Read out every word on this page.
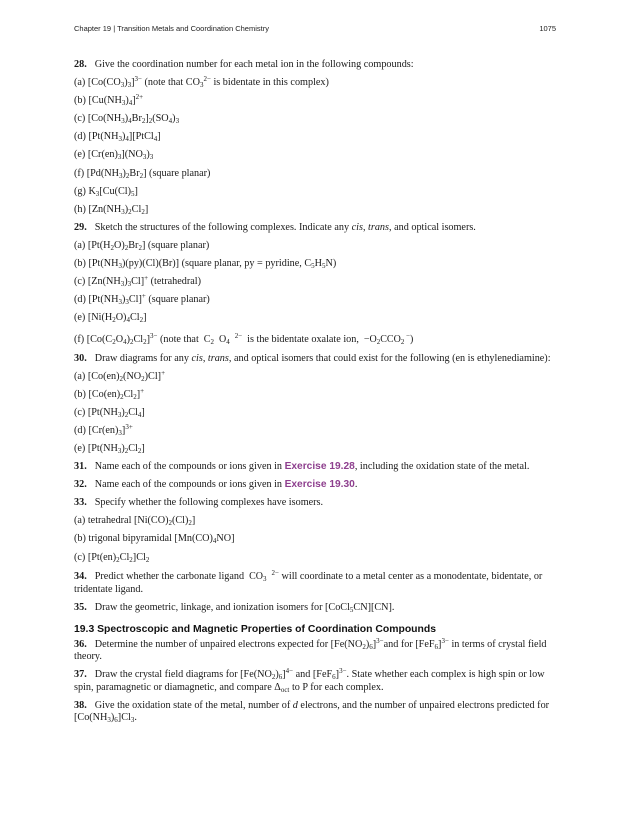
Chapter 19 | Transition Metals and Coordination Chemistry	1075
28. Give the coordination number for each metal ion in the following compounds:
(a) $[Co(CO_3)_3]^{3-}$ (note that $CO_3^{2-}$ is bidentate in this complex)
(b) $[Cu(NH_3)_4]^{2+}$
(c) $[Co(NH_3)_4Br_2]_2(SO_4)_3$
(d) $[Pt(NH_3)_4][PtCl_4]$
(e) $[Cr(en)_3](NO_3)_3$
(f) $[Pd(NH_3)_2Br_2]$ (square planar)
(g) $K_3[Cu(Cl)_5]$
(h) $[Zn(NH_3)_2Cl_2]$
29. Sketch the structures of the following complexes. Indicate any cis, trans, and optical isomers.
(a) $[Pt(H_2O)_2Br_2]$ (square planar)
(b) $[Pt(NH_3)(py)(Cl)(Br)]$ (square planar, py = pyridine, $C_5H_5N$)
(c) $[Zn(NH_3)_3Cl]^+$ (tetrahedral)
(d) $[Pt(NH_3)_3Cl]^+$ (square planar)
(e) $[Ni(H_2O)_4Cl_2]$
(f) $[Co(C_2O_4)_2Cl_2]^{3-}$ (note that $C_2$ $O_4^{2-}$ is the bidentate oxalate ion, $-O_2CCO_2$ −)
30. Draw diagrams for any cis, trans, and optical isomers that could exist for the following (en is ethylenediamine):
(a) $[Co(en)_2(NO_2)Cl]^+$
(b) $[Co(en)_2Cl_2]^+$
(c) $[Pt(NH_3)_2Cl_4]$
(d) $[Cr(en)_3]^{3+}$
(e) $[Pt(NH_3)_2Cl_2]$
31. Name each of the compounds or ions given in Exercise 19.28, including the oxidation state of the metal.
32. Name each of the compounds or ions given in Exercise 19.30.
33. Specify whether the following complexes have isomers.
(a) tetrahedral $[Ni(CO)_2(Cl)_2]$
(b) trigonal bipyramidal $[Mn(CO)_4NO]$
(c) $[Pt(en)_2Cl_2]Cl_2$
34. Predict whether the carbonate ligand $CO_3^{2-}$ will coordinate to a metal center as a monodentate, bidentate, or tridentate ligand.
35. Draw the geometric, linkage, and ionization isomers for [CoCl$_5$CN][CN].
19.3 Spectroscopic and Magnetic Properties of Coordination Compounds
36. Determine the number of unpaired electrons expected for $[Fe(NO_2)_6]^{3-}and$ for $[FeF_6]^{3-}$ in terms of crystal field theory.
37. Draw the crystal field diagrams for $[Fe(NO_2)_6]^{4-}$ and $[FeF_6]^{3-}$. State whether each complex is high spin or low spin, paramagnetic or diamagnetic, and compare $\Delta_{oct}$ to P for each complex.
38. Give the oxidation state of the metal, number of d electrons, and the number of unpaired electrons predicted for $[Co(NH_3)_6]Cl_3$.
